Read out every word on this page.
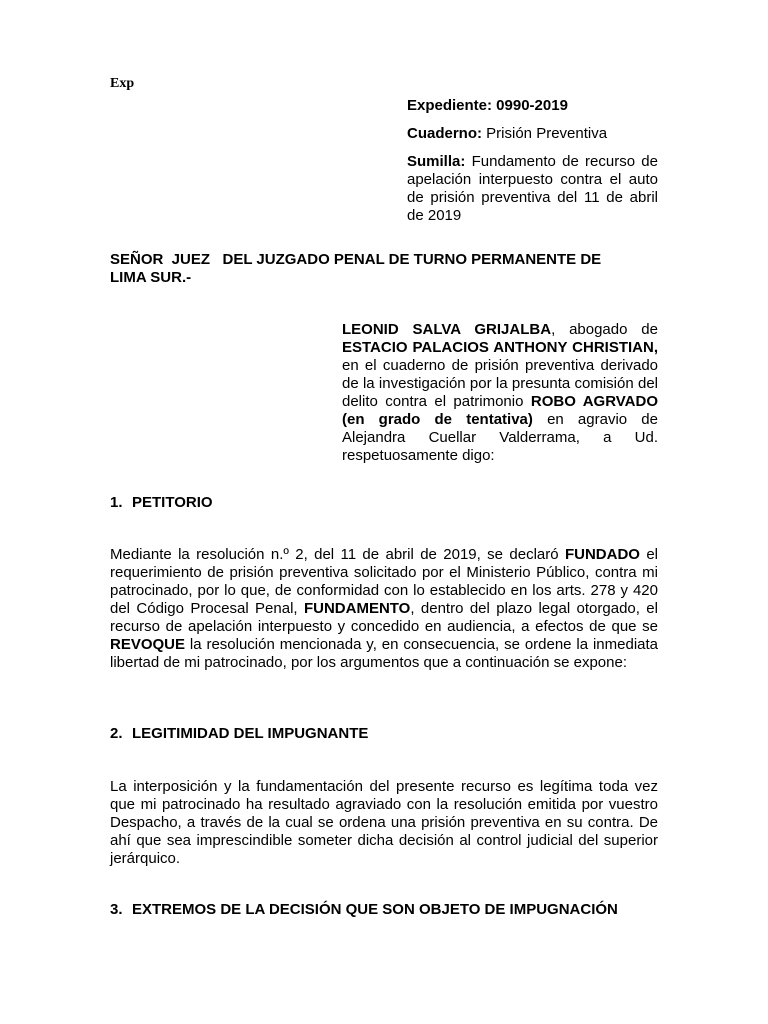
Exp

Expediente: 0990-2019

Cuaderno: Prisión Preventiva

Sumilla: Fundamento de recurso de apelación interpuesto contra el auto de prisión preventiva del 11 de abril de 2019

SEÑOR  JUEZ   DEL JUZGADO PENAL DE TURNO PERMANENTE DE LIMA SUR.-

LEONID SALVA GRIJALBA, abogado de ESTACIO PALACIOS ANTHONY CHRISTIAN, en el cuaderno de prisión preventiva derivado de la investigación por la presunta comisión del delito contra el patrimonio ROBO AGRVADO (en grado de tentativa) en agravio de Alejandra Cuellar Valderrama, a Ud. respetuosamente digo:

1. PETITORIO

Mediante la resolución n.º 2, del 11 de abril de 2019, se declaró FUNDADO el requerimiento de prisión preventiva solicitado por el Ministerio Público, contra mi patrocinado, por lo que, de conformidad con lo establecido en los arts. 278 y 420 del Código Procesal Penal, FUNDAMENTO, dentro del plazo legal otorgado, el recurso de apelación interpuesto y concedido en audiencia, a efectos de que se REVOQUE la resolución mencionada y, en consecuencia, se ordene la inmediata libertad de mi patrocinado, por los argumentos que a continuación se expone:

2. LEGITIMIDAD DEL IMPUGNANTE

La interposición y la fundamentación del presente recurso es legítima toda vez que mi patrocinado ha resultado agraviado con la resolución emitida por vuestro Despacho, a través de la cual se ordena una prisión preventiva en su contra. De ahí que sea imprescindible someter dicha decisión al control judicial del superior jerárquico.

3. EXTREMOS DE LA DECISIÓN QUE SON OBJETO DE IMPUGNACIÓN
